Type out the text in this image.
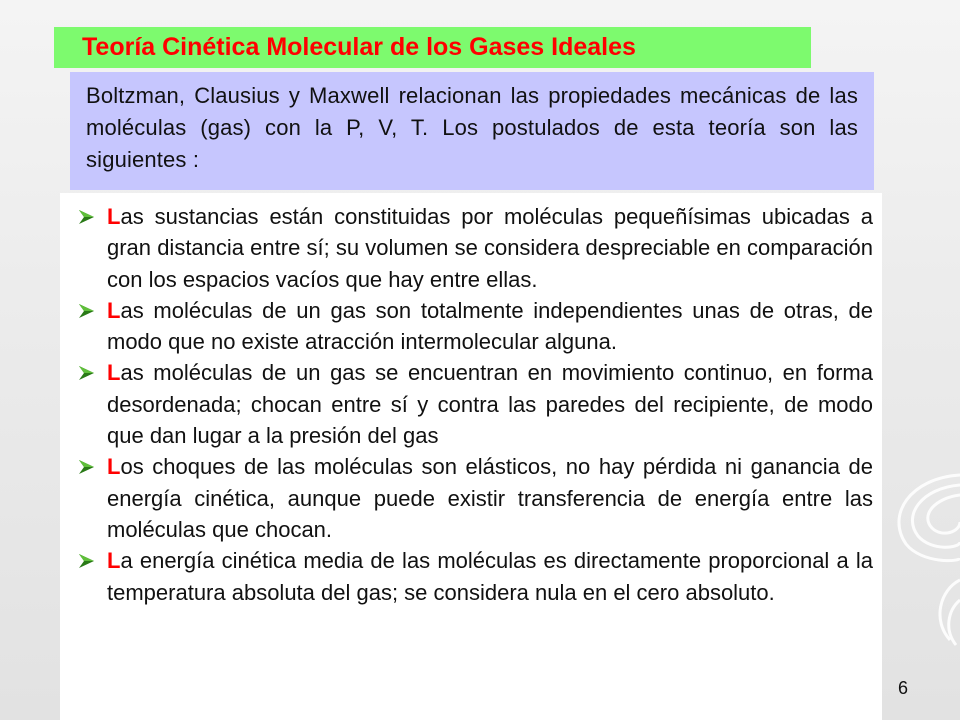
Teoría Cinética Molecular de los Gases Ideales

Boltzman, Clausius y Maxwell relacionan las propiedades mecánicas de las moléculas (gas) con la P, V, T. Los postulados de esta teoría son las siguientes :

Las sustancias están constituidas por moléculas pequeñísimas ubicadas a gran distancia entre sí; su volumen se considera despreciable en comparación con los espacios vacíos que hay entre ellas.

Las moléculas de un gas son totalmente independientes unas de otras, de modo que no existe atracción intermolecular alguna.

Las moléculas de un gas se encuentran en movimiento continuo, en forma desordenada; chocan entre sí y contra las paredes del recipiente, de modo que dan lugar a la presión del gas

Los choques de las moléculas son elásticos, no hay pérdida ni ganancia de energía cinética, aunque puede existir transferencia de energía entre las moléculas que chocan.

La energía cinética media de las moléculas es directamente proporcional a la temperatura absoluta del gas; se considera nula en el cero absoluto.

6
